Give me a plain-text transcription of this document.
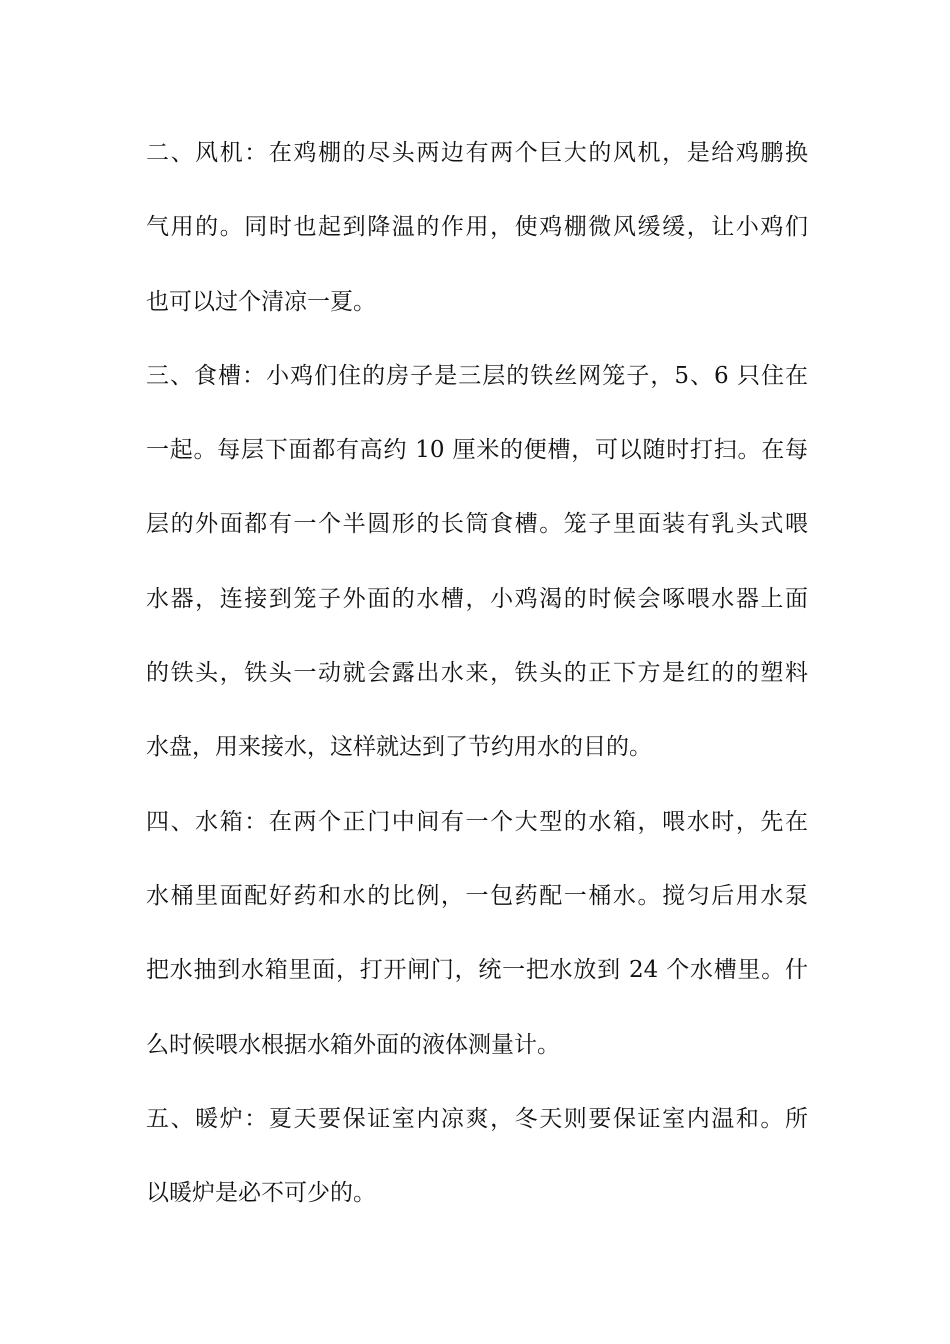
二、风机：在鸡棚的尽头两边有两个巨大的风机，是给鸡鹏换
气用的。同时也起到降温的作用，使鸡棚微风缓缓，让小鸡们
也可以过个清凉一夏。
三、食槽：小鸡们住的房子是三层的铁丝网笼子，5、6 只住在
一起。每层下面都有高约 10 厘米的便槽，可以随时打扫。在每
层的外面都有一个半圆形的长筒食槽。笼子里面装有乳头式喂
水器，连接到笼子外面的水槽，小鸡渴的时候会啄喂水器上面
的铁头，铁头一动就会露出水来，铁头的正下方是红的的塑料
水盘，用来接水，这样就达到了节约用水的目的。
四、水箱：在两个正门中间有一个大型的水箱，喂水时，先在
水桶里面配好药和水的比例，一包药配一桶水。搅匀后用水泵
把水抽到水箱里面，打开闸门，统一把水放到 24 个水槽里。什
么时候喂水根据水箱外面的液体测量计。
五、暖炉：夏天要保证室内凉爽，冬天则要保证室内温和。所
以暖炉是必不可少的。
